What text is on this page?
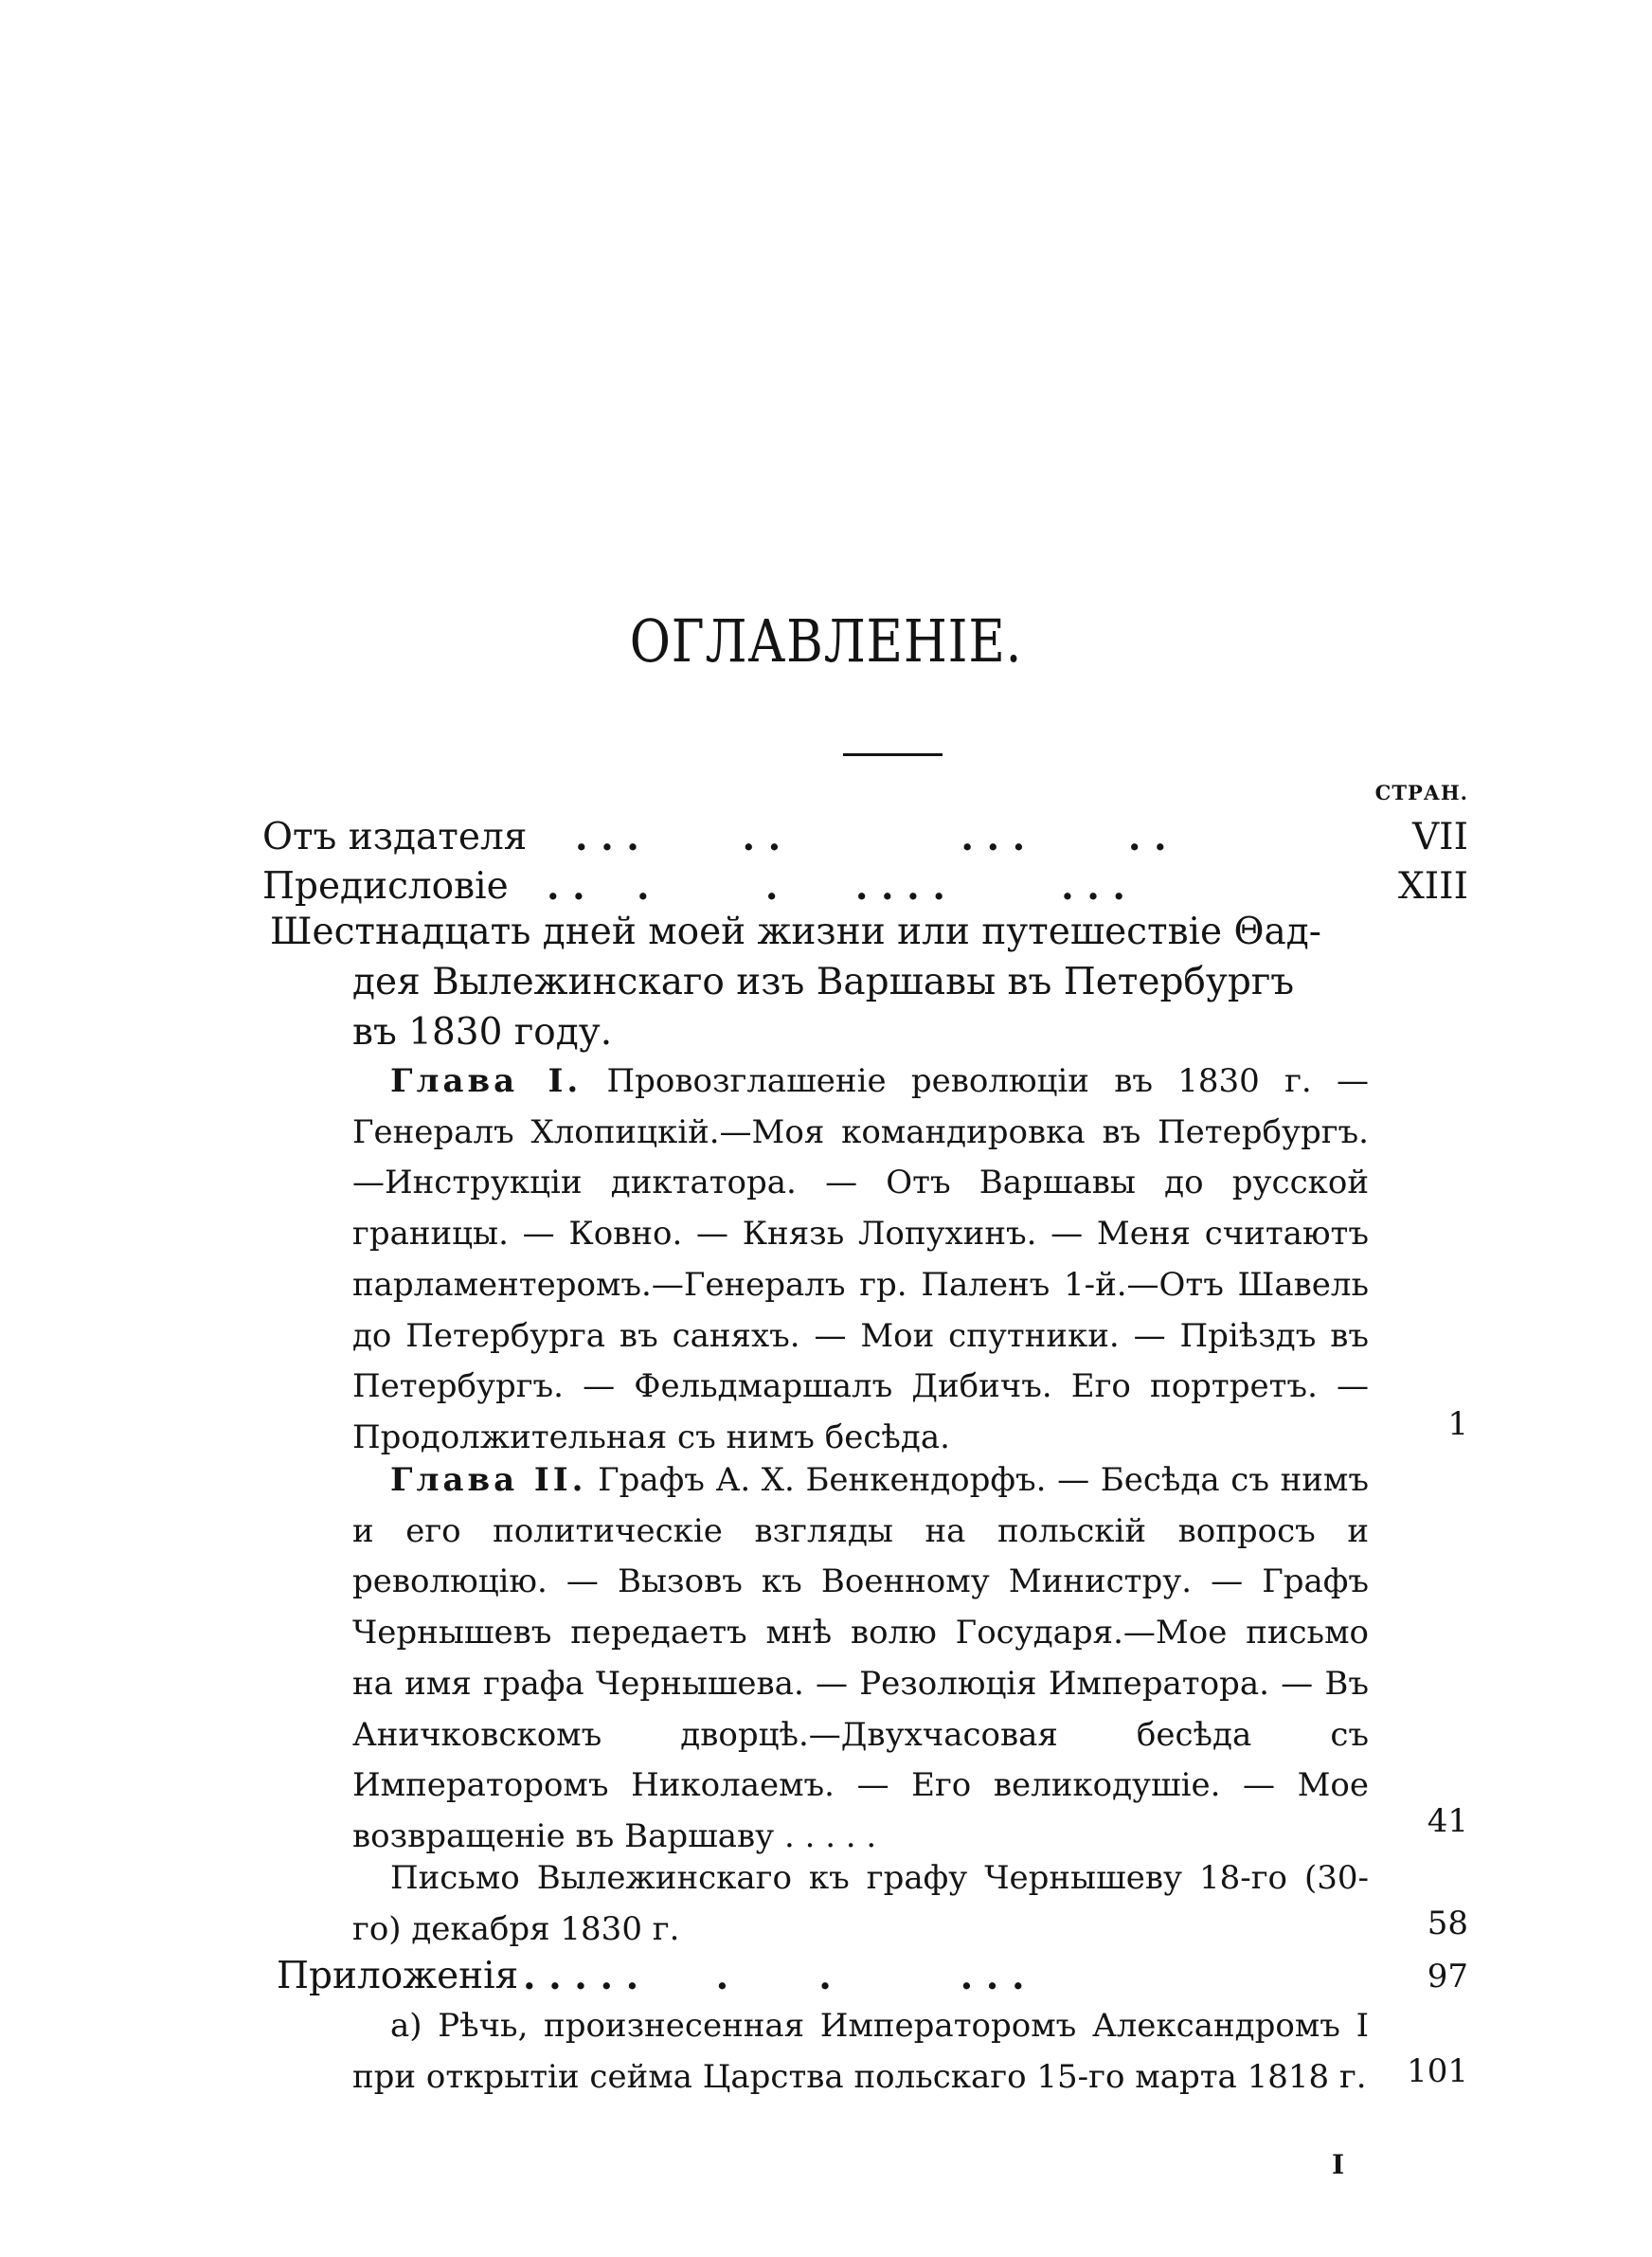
ОГЛАВЛЕНІЕ.
СТРАН.
Отъ издателя . . .        . .              . . .        . .	VII
Предисловіе . .    .         .      . . . .         . . .	XIII
Шестнадцать дней моей жизни или путешествіе Θад-
дея Вылежинскаго изъ Варшавы въ Петербургъ
въ 1830 году.
Глава I. Провозглашеніе революціи въ 1830 г. — Генералъ Хлопицкій.—Моя командировка въ Петербургъ.—Инструкціи диктатора. — Отъ Варшавы до русской границы. — Ковно. — Князь Лопухинъ. — Меня считаютъ парламентеромъ.—Генералъ гр. Паленъ 1-й.—Отъ Шавель до Петербурга въ саняхъ. — Мои спутники. — Пріѣздъ въ Петербургъ. — Фельдмаршалъ Дибичъ. Его портретъ. — Продолжительная съ нимъ бесѣда.	1
Глава II. Графъ А. Х. Бенкендорфъ. — Бесѣда съ нимъ и его политическіе взгляды на польскій вопросъ и революцію. — Вызовъ къ Военному Министру. — Графъ Чернышевъ передаетъ мнѣ волю Государя.—Мое письмо на имя графа Чернышева. — Резолюція Императора. — Въ Аничковскомъ дворцѣ.—Двухчасовая бесѣда съ Императоромъ Николаемъ. — Его великодушіе. — Мое возвращеніе въ Варшаву . . . . .	41
Письмо Вылежинскаго къ графу Чернышеву 18-го (30-го) декабря 1830 г.	58
Приложенія . . . . .      .       .          . . .	97
а) Рѣчь, произнесенная Императоромъ Александромъ I при открытіи сейма Царства польскаго 15-го марта 1818 г. 101
I
